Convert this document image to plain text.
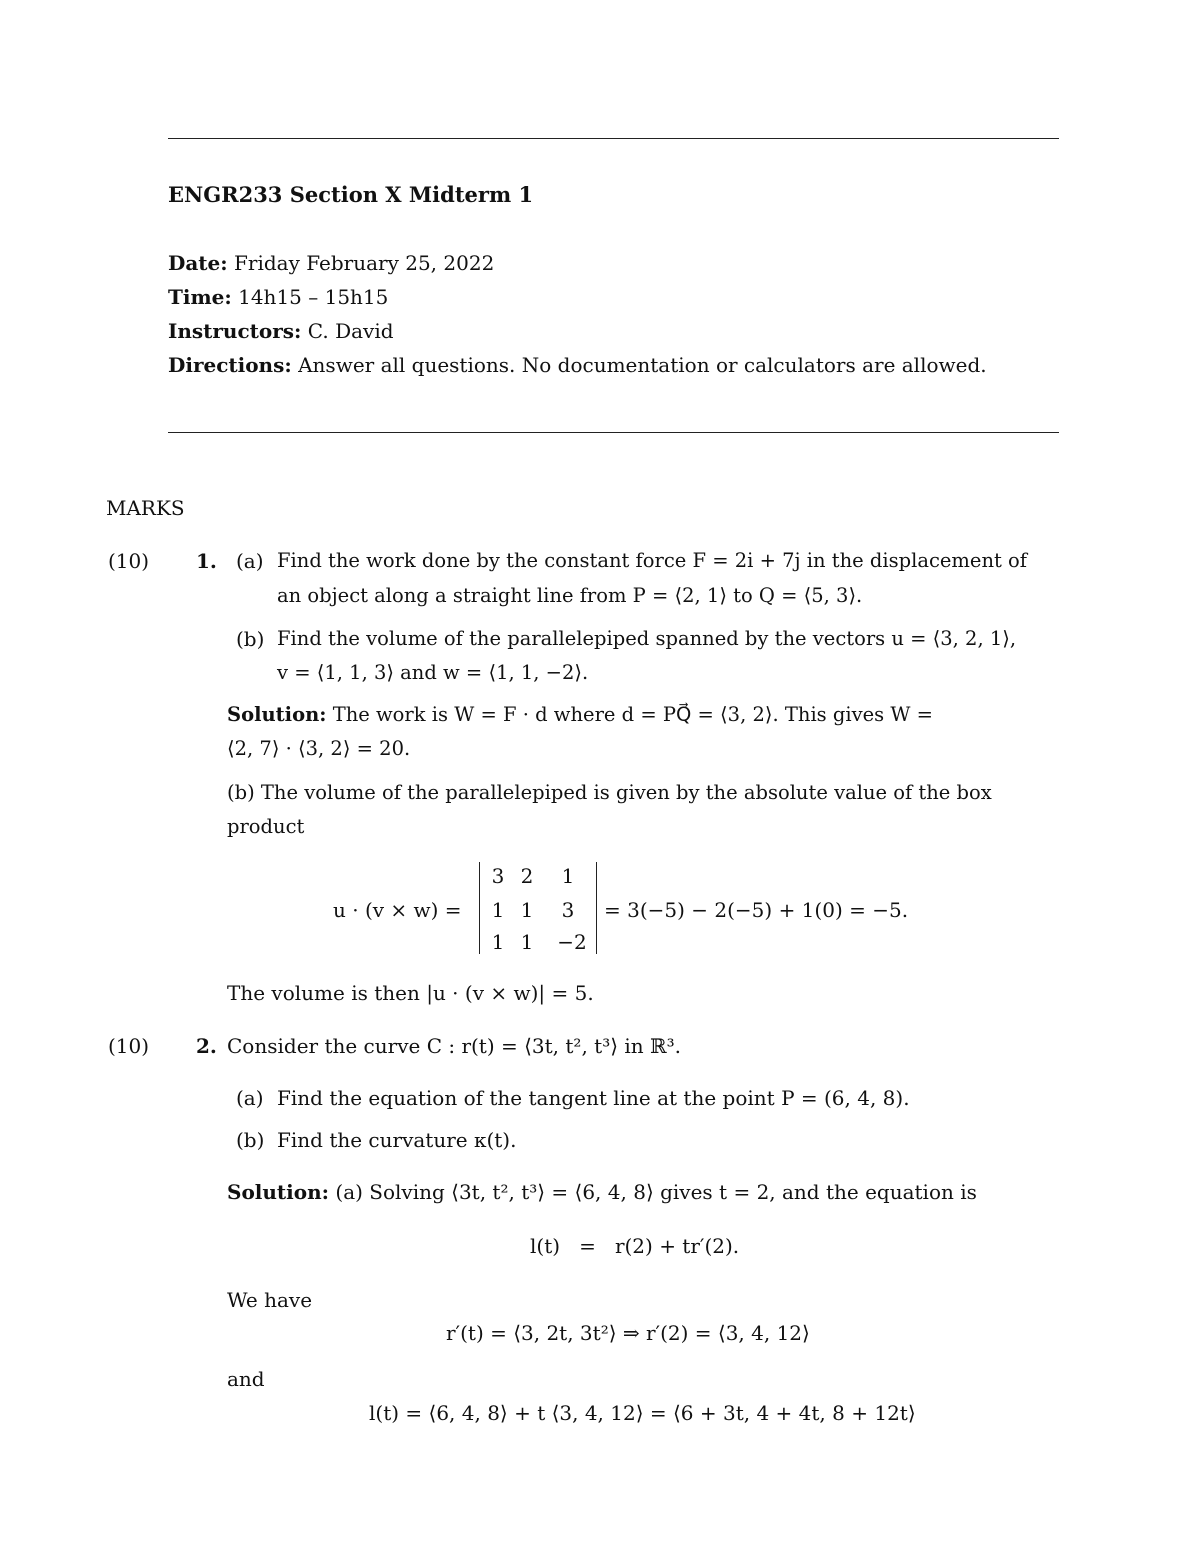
ENGR233 Section X Midterm 1
Date: Friday February 25, 2022
Time: 14h15 – 15h15
Instructors: C. David
Directions: Answer all questions. No documentation or calculators are allowed.
MARKS
(10) 1. (a) Find the work done by the constant force F = 2i + 7j in the displacement of
an object along a straight line from P = ⟨2, 1⟩ to Q = ⟨5, 3⟩.
(b) Find the volume of the parallelepiped spanned by the vectors u = ⟨3, 2, 1⟩,
v = ⟨1, 1, 3⟩ and w = ⟨1, 1, −2⟩.
Solution: The work is W = F · d where d = PQ⃗ = ⟨3, 2⟩. This gives W =
⟨2, 7⟩ · ⟨3, 2⟩ = 20.
(b) The volume of the parallelepiped is given by the absolute value of the box
product
u · (v × w) =
3 2	1
1 1	3
1 1	−2
= 3(−5) − 2(−5) + 1(0) = −5.
The volume is then |u · (v × w)| = 5.
(10) 2. Consider the curve C : r(t) = ⟨3t, t², t³⟩ in ℝ³.
(a) Find the equation of the tangent line at the point P = (6, 4, 8).
(b) Find the curvature κ(t).
Solution: (a) Solving ⟨3t, t², t³⟩ = ⟨6, 4, 8⟩ gives t = 2, and the equation is
l(t)   =   r(2) + tr′(2).
We have
r′(t) = ⟨3, 2t, 3t²⟩ ⇒ r′(2) = ⟨3, 4, 12⟩
and
l(t) = ⟨6, 4, 8⟩ + t ⟨3, 4, 12⟩ = ⟨6 + 3t, 4 + 4t, 8 + 12t⟩
